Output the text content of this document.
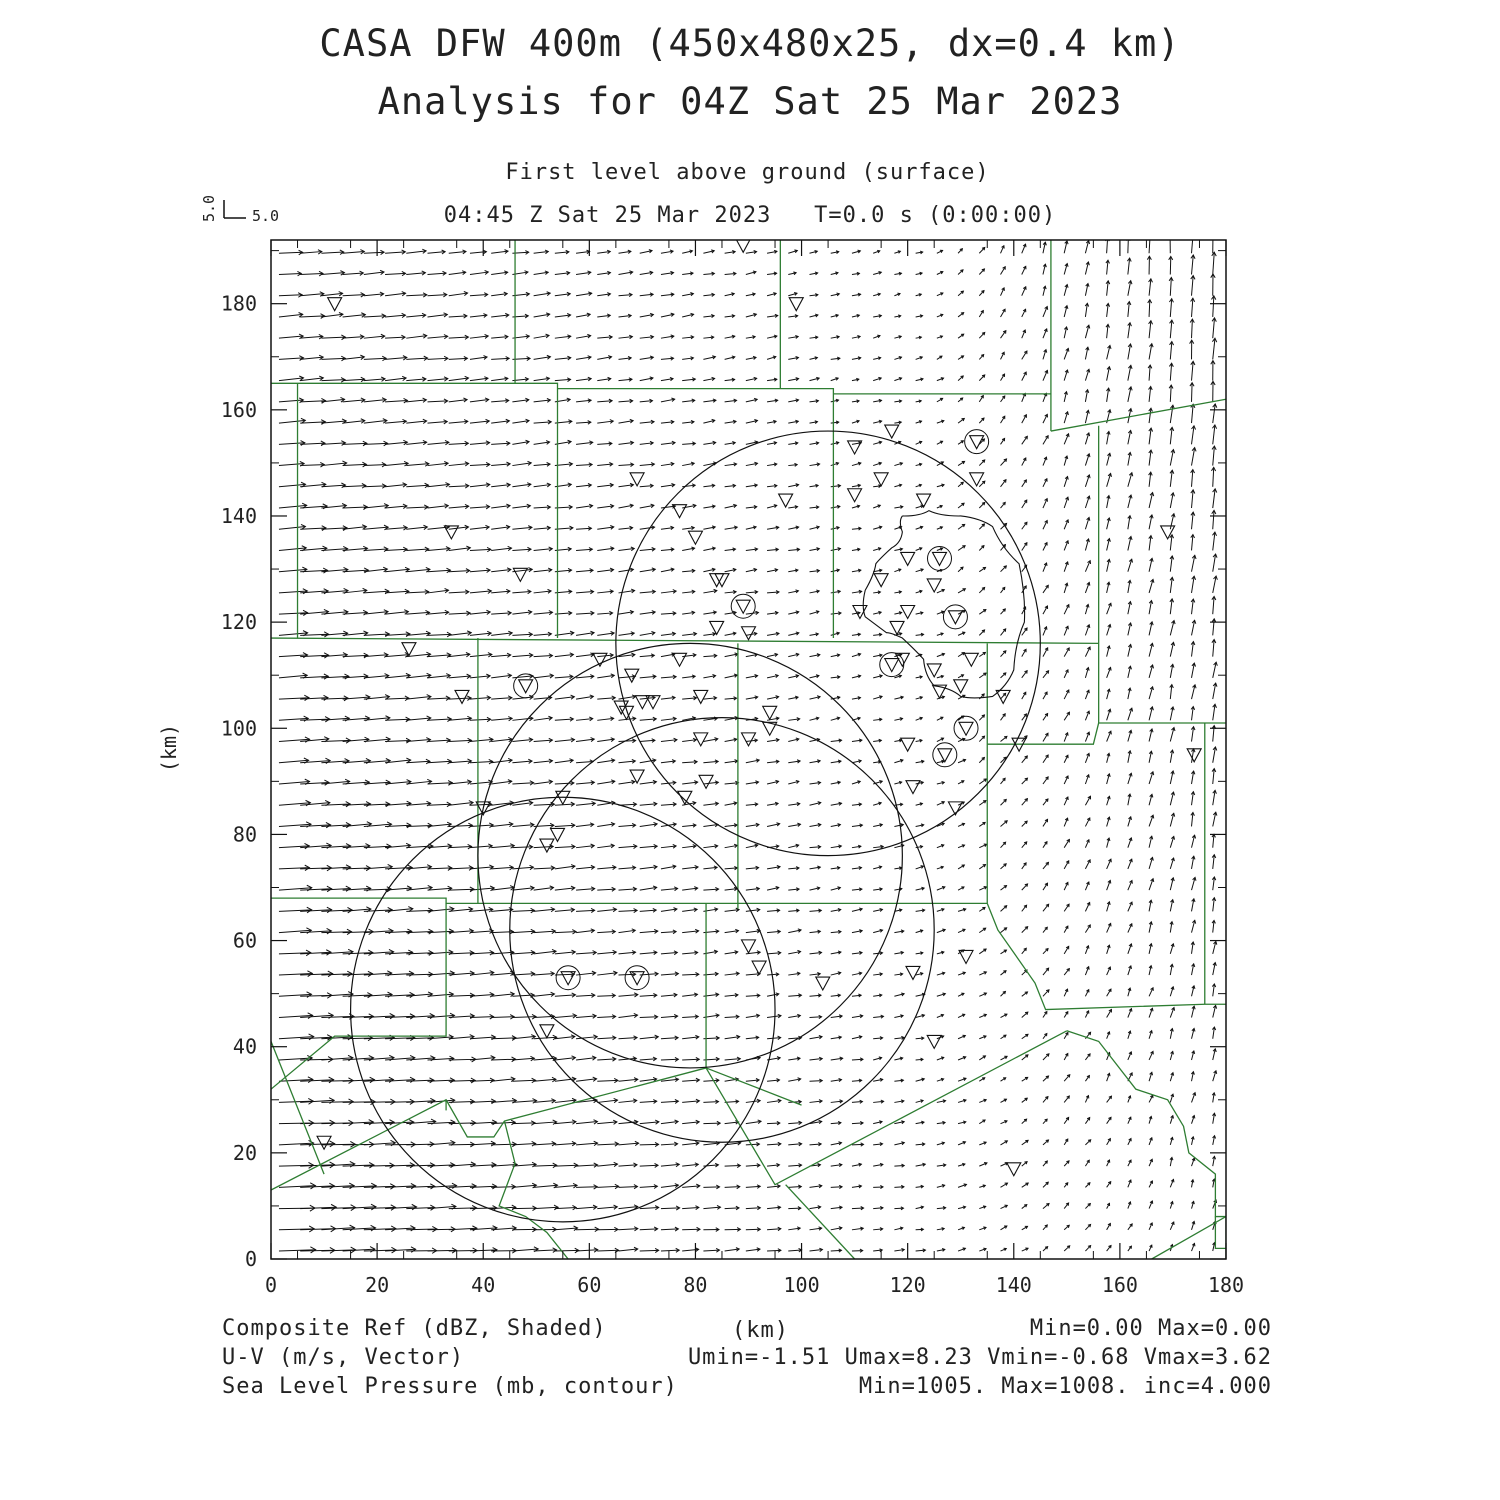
CASA DFW 400m (450x480x25, dx=0.4 km)
Analysis for 04Z Sat 25 Mar 2023
First level above ground (surface)
04:45 Z Sat 25 Mar 2023   T=0.0 s (0:00:00)
5.0
5.0
0	20	40	60	80	100	120	140	160	180
0
20
40
60
80
100
120
140
160
180
(km)
(km)
Composite Ref (dBZ, Shaded)
U-V (m/s, Vector)
Sea Level Pressure (mb, contour)
Min=0.00 Max=0.00
Umin=-1.51 Umax=8.23 Vmin=-0.68 Vmax=3.62
Min=1005. Max=1008. inc=4.000
